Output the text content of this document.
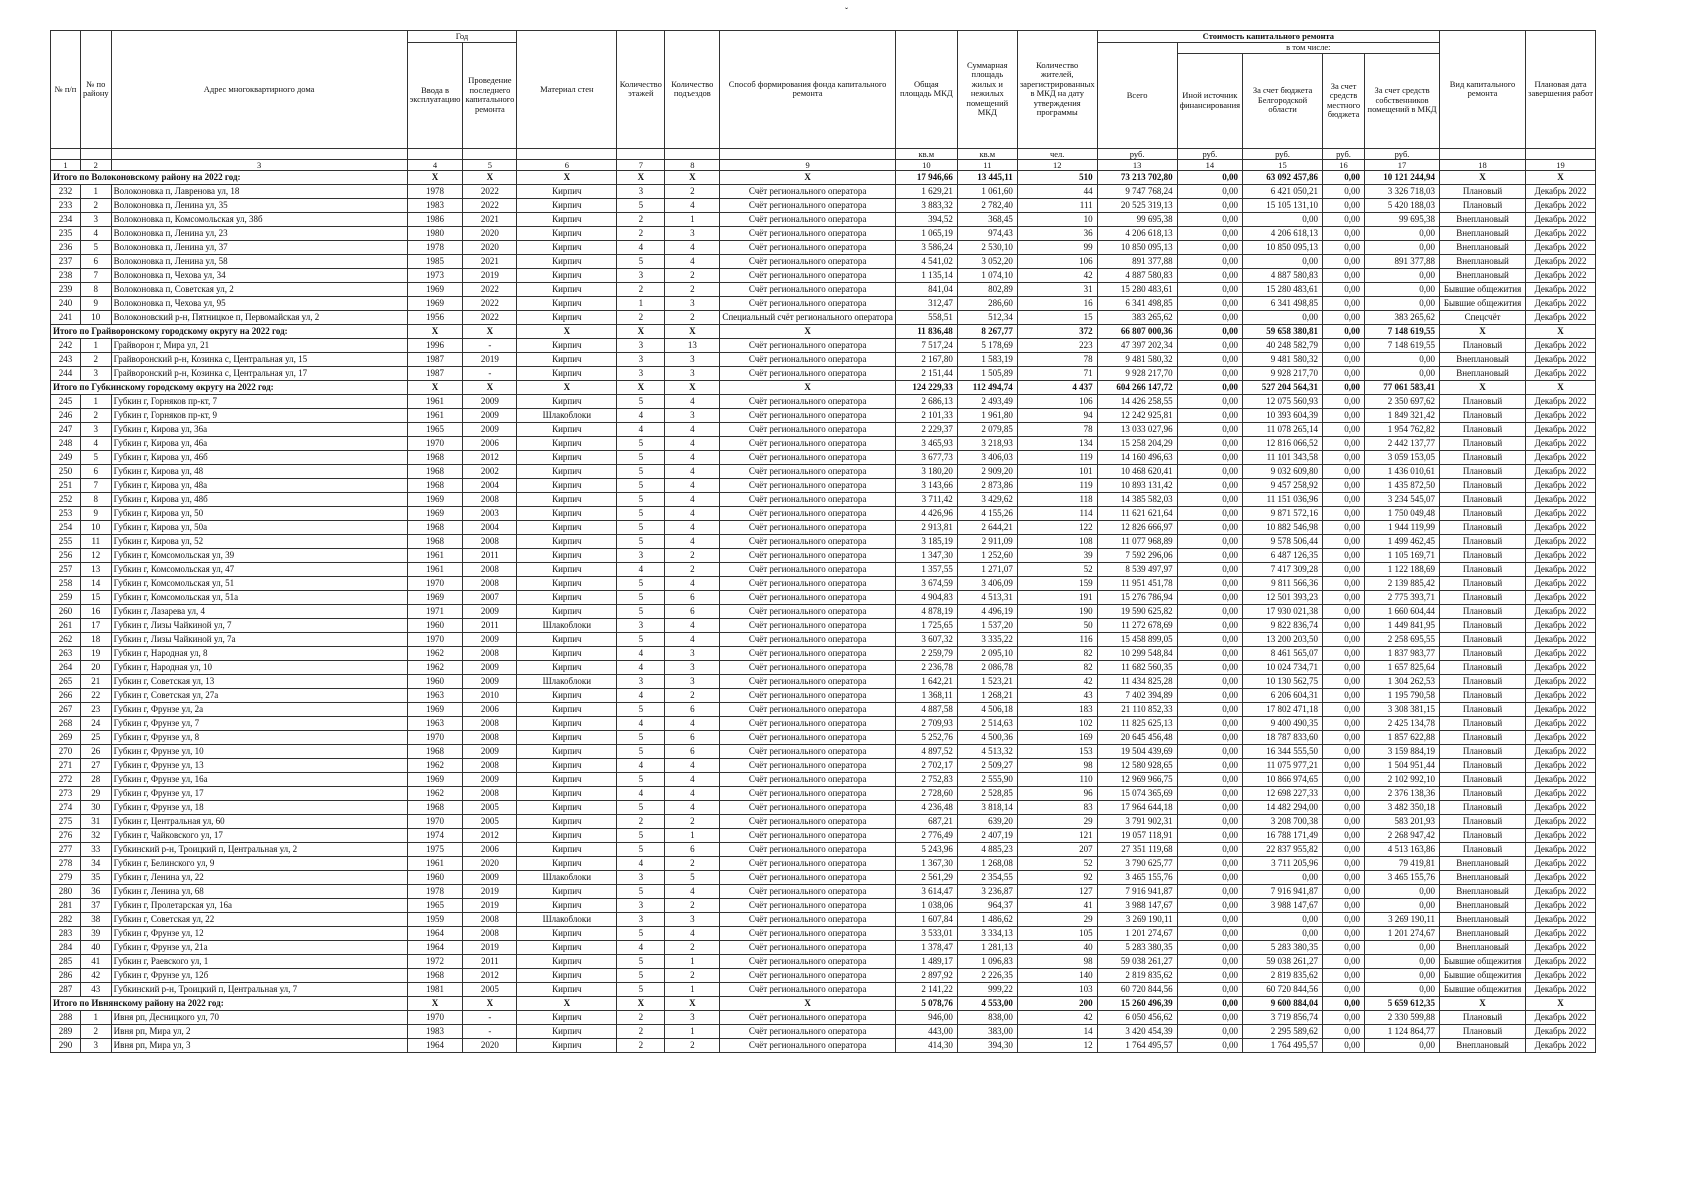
ˇ
№ п/п	№ по району	Адрес многоквартирного дома	Год		Материал стен	Количество этажей	Количество подъездов	Способ формирования фонда капитального ремонта	Общая площадь МКД	Суммарная площадь жилых и нежилых помещений МКД	Количество жителей, зарегистрированных в МКД на дату утверждения программы	Стоимость капитального ремонта					Вид капитального ремонта	Плановая дата завершения работ
			Ввода в эксплуатацию	Проведение последнего капитального ремонта								Всего	в том числе:					
													Иной источник финансирования	За счет бюджета Белгородской области	За счет средств местного бюджета	За счет средств собственников помещений в МКД		
									кв.м	кв.м	чел.	руб.	руб.	руб.	руб.	руб.		
1	2	3	4	5	6	7	8	9	10	11	12	13	14	15	16	17	18	19
Итого по Волоконовскому району на 2022 год:			X	X	X	X	X	X	17 946,66	13 445,11	510	73 213 702,80	0,00	63 092 457,86	0,00	10 121 244,94	X	X
232	1	Волоконовка п, Лавренова ул, 18	1978	2022	Кирпич	3	2	Счёт регионального оператора	1 629,21	1 061,60	44	9 747 768,24	0,00	6 421 050,21	0,00	3 326 718,03	Плановый	Декабрь 2022
233	2	Волоконовка п, Ленина ул, 35	1983	2022	Кирпич	5	4	Счёт регионального оператора	3 883,32	2 782,40	111	20 525 319,13	0,00	15 105 131,10	0,00	5 420 188,03	Плановый	Декабрь 2022
234	3	Волоконовка п, Комсомольская ул, 38б	1986	2021	Кирпич	2	1	Счёт регионального оператора	394,52	368,45	10	99 695,38	0,00	0,00	0,00	99 695,38	Внеплановый	Декабрь 2022
235	4	Волоконовка п, Ленина ул, 23	1980	2020	Кирпич	2	3	Счёт регионального оператора	1 065,19	974,43	36	4 206 618,13	0,00	4 206 618,13	0,00	0,00	Внеплановый	Декабрь 2022
236	5	Волоконовка п, Ленина ул, 37	1978	2020	Кирпич	4	4	Счёт регионального оператора	3 586,24	2 530,10	99	10 850 095,13	0,00	10 850 095,13	0,00	0,00	Внеплановый	Декабрь 2022
237	6	Волоконовка п, Ленина ул, 58	1985	2021	Кирпич	5	4	Счёт регионального оператора	4 541,02	3 052,20	106	891 377,88	0,00	0,00	0,00	891 377,88	Внеплановый	Декабрь 2022
238	7	Волоконовка п, Чехова ул, 34	1973	2019	Кирпич	3	2	Счёт регионального оператора	1 135,14	1 074,10	42	4 887 580,83	0,00	4 887 580,83	0,00	0,00	Внеплановый	Декабрь 2022
239	8	Волоконовка п, Советская ул, 2	1969	2022	Кирпич	2	2	Счёт регионального оператора	841,04	802,89	31	15 280 483,61	0,00	15 280 483,61	0,00	0,00	Бывшие общежития	Декабрь 2022
240	9	Волоконовка п, Чехова ул, 95	1969	2022	Кирпич	1	3	Счёт регионального оператора	312,47	286,60	16	6 341 498,85	0,00	6 341 498,85	0,00	0,00	Бывшие общежития	Декабрь 2022
241	10	Волоконовский р-н, Пятницкое п, Первомайская ул, 2	1956	2022	Кирпич	2	2	Специальный счёт регионального оператора	558,51	512,34	15	383 265,62	0,00	0,00	0,00	383 265,62	Спецсчёт	Декабрь 2022
Итого по Грайворонскому городскому округу на 2022 год:			X	X	X	X	X	X	11 836,48	8 267,77	372	66 807 000,36	0,00	59 658 380,81	0,00	7 148 619,55	X	X
242	1	Грайворон г, Мира ул, 21	1996	-	Кирпич	3	13	Счёт регионального оператора	7 517,24	5 178,69	223	47 397 202,34	0,00	40 248 582,79	0,00	7 148 619,55	Плановый	Декабрь 2022
243	2	Грайворонский р-н, Козинка с, Центральная ул, 15	1987	2019	Кирпич	3	3	Счёт регионального оператора	2 167,80	1 583,19	78	9 481 580,32	0,00	9 481 580,32	0,00	0,00	Внеплановый	Декабрь 2022
244	3	Грайворонский р-н, Козинка с, Центральная ул, 17	1987	-	Кирпич	3	3	Счёт регионального оператора	2 151,44	1 505,89	71	9 928 217,70	0,00	9 928 217,70	0,00	0,00	Внеплановый	Декабрь 2022
Итого по Губкинскому городскому округу на 2022 год:			X	X	X	X	X	X	124 229,33	112 494,74	4 437	604 266 147,72	0,00	527 204 564,31	0,00	77 061 583,41	X	X
245	1	Губкин г, Горняков пр-кт, 7	1961	2009	Кирпич	5	4	Счёт регионального оператора	2 686,13	2 493,49	106	14 426 258,55	0,00	12 075 560,93	0,00	2 350 697,62	Плановый	Декабрь 2022
246	2	Губкин г, Горняков пр-кт, 9	1961	2009	Шлакоблоки	4	3	Счёт регионального оператора	2 101,33	1 961,80	94	12 242 925,81	0,00	10 393 604,39	0,00	1 849 321,42	Плановый	Декабрь 2022
247	3	Губкин г, Кирова ул, 36а	1965	2009	Кирпич	4	4	Счёт регионального оператора	2 229,37	2 079,85	78	13 033 027,96	0,00	11 078 265,14	0,00	1 954 762,82	Плановый	Декабрь 2022
248	4	Губкин г, Кирова ул, 46а	1970	2006	Кирпич	5	4	Счёт регионального оператора	3 465,93	3 218,93	134	15 258 204,29	0,00	12 816 066,52	0,00	2 442 137,77	Плановый	Декабрь 2022
249	5	Губкин г, Кирова ул, 46б	1968	2012	Кирпич	5	4	Счёт регионального оператора	3 677,73	3 406,03	119	14 160 496,63	0,00	11 101 343,58	0,00	3 059 153,05	Плановый	Декабрь 2022
250	6	Губкин г, Кирова ул, 48	1968	2002	Кирпич	5	4	Счёт регионального оператора	3 180,20	2 909,20	101	10 468 620,41	0,00	9 032 609,80	0,00	1 436 010,61	Плановый	Декабрь 2022
251	7	Губкин г, Кирова ул, 48а	1968	2004	Кирпич	5	4	Счёт регионального оператора	3 143,66	2 873,86	119	10 893 131,42	0,00	9 457 258,92	0,00	1 435 872,50	Плановый	Декабрь 2022
252	8	Губкин г, Кирова ул, 48б	1969	2008	Кирпич	5	4	Счёт регионального оператора	3 711,42	3 429,62	118	14 385 582,03	0,00	11 151 036,96	0,00	3 234 545,07	Плановый	Декабрь 2022
253	9	Губкин г, Кирова ул, 50	1969	2003	Кирпич	5	4	Счёт регионального оператора	4 426,96	4 155,26	114	11 621 621,64	0,00	9 871 572,16	0,00	1 750 049,48	Плановый	Декабрь 2022
254	10	Губкин г, Кирова ул, 50а	1968	2004	Кирпич	5	4	Счёт регионального оператора	2 913,81	2 644,21	122	12 826 666,97	0,00	10 882 546,98	0,00	1 944 119,99	Плановый	Декабрь 2022
255	11	Губкин г, Кирова ул, 52	1968	2008	Кирпич	5	4	Счёт регионального оператора	3 185,19	2 911,09	108	11 077 968,89	0,00	9 578 506,44	0,00	1 499 462,45	Плановый	Декабрь 2022
256	12	Губкин г, Комсомольская ул, 39	1961	2011	Кирпич	3	2	Счёт регионального оператора	1 347,30	1 252,60	39	7 592 296,06	0,00	6 487 126,35	0,00	1 105 169,71	Плановый	Декабрь 2022
257	13	Губкин г, Комсомольская ул, 47	1961	2008	Кирпич	4	2	Счёт регионального оператора	1 357,55	1 271,07	52	8 539 497,97	0,00	7 417 309,28	0,00	1 122 188,69	Плановый	Декабрь 2022
258	14	Губкин г, Комсомольская ул, 51	1970	2008	Кирпич	5	4	Счёт регионального оператора	3 674,59	3 406,09	159	11 951 451,78	0,00	9 811 566,36	0,00	2 139 885,42	Плановый	Декабрь 2022
259	15	Губкин г, Комсомольская ул, 51а	1969	2007	Кирпич	5	6	Счёт регионального оператора	4 904,83	4 513,31	191	15 276 786,94	0,00	12 501 393,23	0,00	2 775 393,71	Плановый	Декабрь 2022
260	16	Губкин г, Лазарева ул, 4	1971	2009	Кирпич	5	6	Счёт регионального оператора	4 878,19	4 496,19	190	19 590 625,82	0,00	17 930 021,38	0,00	1 660 604,44	Плановый	Декабрь 2022
261	17	Губкин г, Лизы Чайкиной ул, 7	1960	2011	Шлакоблоки	3	4	Счёт регионального оператора	1 725,65	1 537,20	50	11 272 678,69	0,00	9 822 836,74	0,00	1 449 841,95	Плановый	Декабрь 2022
262	18	Губкин г, Лизы Чайкиной ул, 7а	1970	2009	Кирпич	5	4	Счёт регионального оператора	3 607,32	3 335,22	116	15 458 899,05	0,00	13 200 203,50	0,00	2 258 695,55	Плановый	Декабрь 2022
263	19	Губкин г, Народная ул, 8	1962	2008	Кирпич	4	3	Счёт регионального оператора	2 259,79	2 095,10	82	10 299 548,84	0,00	8 461 565,07	0,00	1 837 983,77	Плановый	Декабрь 2022
264	20	Губкин г, Народная ул, 10	1962	2009	Кирпич	4	3	Счёт регионального оператора	2 236,78	2 086,78	82	11 682 560,35	0,00	10 024 734,71	0,00	1 657 825,64	Плановый	Декабрь 2022
265	21	Губкин г, Советская ул, 13	1960	2009	Шлакоблоки	3	3	Счёт регионального оператора	1 642,21	1 523,21	42	11 434 825,28	0,00	10 130 562,75	0,00	1 304 262,53	Плановый	Декабрь 2022
266	22	Губкин г, Советская ул, 27а	1963	2010	Кирпич	4	2	Счёт регионального оператора	1 368,11	1 268,21	43	7 402 394,89	0,00	6 206 604,31	0,00	1 195 790,58	Плановый	Декабрь 2022
267	23	Губкин г, Фрунзе ул, 2а	1969	2006	Кирпич	5	6	Счёт регионального оператора	4 887,58	4 506,18	183	21 110 852,33	0,00	17 802 471,18	0,00	3 308 381,15	Плановый	Декабрь 2022
268	24	Губкин г, Фрунзе ул, 7	1963	2008	Кирпич	4	4	Счёт регионального оператора	2 709,93	2 514,63	102	11 825 625,13	0,00	9 400 490,35	0,00	2 425 134,78	Плановый	Декабрь 2022
269	25	Губкин г, Фрунзе ул, 8	1970	2008	Кирпич	5	6	Счёт регионального оператора	5 252,76	4 500,36	169	20 645 456,48	0,00	18 787 833,60	0,00	1 857 622,88	Плановый	Декабрь 2022
270	26	Губкин г, Фрунзе ул, 10	1968	2009	Кирпич	5	6	Счёт регионального оператора	4 897,52	4 513,32	153	19 504 439,69	0,00	16 344 555,50	0,00	3 159 884,19	Плановый	Декабрь 2022
271	27	Губкин г, Фрунзе ул, 13	1962	2008	Кирпич	4	4	Счёт регионального оператора	2 702,17	2 509,27	98	12 580 928,65	0,00	11 075 977,21	0,00	1 504 951,44	Плановый	Декабрь 2022
272	28	Губкин г, Фрунзе ул, 16а	1969	2009	Кирпич	5	4	Счёт регионального оператора	2 752,83	2 555,90	110	12 969 966,75	0,00	10 866 974,65	0,00	2 102 992,10	Плановый	Декабрь 2022
273	29	Губкин г, Фрунзе ул, 17	1962	2008	Кирпич	4	4	Счёт регионального оператора	2 728,60	2 528,85	96	15 074 365,69	0,00	12 698 227,33	0,00	2 376 138,36	Плановый	Декабрь 2022
274	30	Губкин г, Фрунзе ул, 18	1968	2005	Кирпич	5	4	Счёт регионального оператора	4 236,48	3 818,14	83	17 964 644,18	0,00	14 482 294,00	0,00	3 482 350,18	Плановый	Декабрь 2022
275	31	Губкин г, Центральная ул, 60	1970	2005	Кирпич	2	2	Счёт регионального оператора	687,21	639,20	29	3 791 902,31	0,00	3 208 700,38	0,00	583 201,93	Плановый	Декабрь 2022
276	32	Губкин г, Чайковского ул, 17	1974	2012	Кирпич	5	1	Счёт регионального оператора	2 776,49	2 407,19	121	19 057 118,91	0,00	16 788 171,49	0,00	2 268 947,42	Плановый	Декабрь 2022
277	33	Губкинский р-н, Троицкий п, Центральная ул, 2	1975	2006	Кирпич	5	6	Счёт регионального оператора	5 243,96	4 885,23	207	27 351 119,68	0,00	22 837 955,82	0,00	4 513 163,86	Плановый	Декабрь 2022
278	34	Губкин г, Белинского ул, 9	1961	2020	Кирпич	4	2	Счёт регионального оператора	1 367,30	1 268,08	52	3 790 625,77	0,00	3 711 205,96	0,00	79 419,81	Внеплановый	Декабрь 2022
279	35	Губкин г, Ленина ул, 22	1960	2009	Шлакоблоки	3	5	Счёт регионального оператора	2 561,29	2 354,55	92	3 465 155,76	0,00	0,00	0,00	3 465 155,76	Внеплановый	Декабрь 2022
280	36	Губкин г, Ленина ул, 68	1978	2019	Кирпич	5	4	Счёт регионального оператора	3 614,47	3 236,87	127	7 916 941,87	0,00	7 916 941,87	0,00	0,00	Внеплановый	Декабрь 2022
281	37	Губкин г, Пролетарская ул, 16а	1965	2019	Кирпич	3	2	Счёт регионального оператора	1 038,06	964,37	41	3 988 147,67	0,00	3 988 147,67	0,00	0,00	Внеплановый	Декабрь 2022
282	38	Губкин г, Советская ул, 22	1959	2008	Шлакоблоки	3	3	Счёт регионального оператора	1 607,84	1 486,62	29	3 269 190,11	0,00	0,00	0,00	3 269 190,11	Внеплановый	Декабрь 2022
283	39	Губкин г, Фрунзе ул, 12	1964	2008	Кирпич	5	4	Счёт регионального оператора	3 533,01	3 334,13	105	1 201 274,67	0,00	0,00	0,00	1 201 274,67	Внеплановый	Декабрь 2022
284	40	Губкин г, Фрунзе ул, 21а	1964	2019	Кирпич	4	2	Счёт регионального оператора	1 378,47	1 281,13	40	5 283 380,35	0,00	5 283 380,35	0,00	0,00	Внеплановый	Декабрь 2022
285	41	Губкин г, Раевского ул, 1	1972	2011	Кирпич	5	1	Счёт регионального оператора	1 489,17	1 096,83	98	59 038 261,27	0,00	59 038 261,27	0,00	0,00	Бывшие общежития	Декабрь 2022
286	42	Губкин г, Фрунзе ул, 12б	1968	2012	Кирпич	5	2	Счёт регионального оператора	2 897,92	2 226,35	140	2 819 835,62	0,00	2 819 835,62	0,00	0,00	Бывшие общежития	Декабрь 2022
287	43	Губкинский р-н, Троицкий п, Центральная ул, 7	1981	2005	Кирпич	5	1	Счёт регионального оператора	2 141,22	999,22	103	60 720 844,56	0,00	60 720 844,56	0,00	0,00	Бывшие общежития	Декабрь 2022
Итого по Ивнянскому району на 2022 год:			X	X	X	X	X	X	5 078,76	4 553,00	200	15 260 496,39	0,00	9 600 884,04	0,00	5 659 612,35	X	X
288	1	Ивня рп, Десницкого ул, 70	1970	-	Кирпич	2	3	Счёт регионального оператора	946,00	838,00	42	6 050 456,62	0,00	3 719 856,74	0,00	2 330 599,88	Плановый	Декабрь 2022
289	2	Ивня рп, Мира ул, 2	1983	-	Кирпич	2	1	Счёт регионального оператора	443,00	383,00	14	3 420 454,39	0,00	2 295 589,62	0,00	1 124 864,77	Плановый	Декабрь 2022
290	3	Ивня рп, Мира ул, 3	1964	2020	Кирпич	2	2	Счёт регионального оператора	414,30	394,30	12	1 764 495,57	0,00	1 764 495,57	0,00	0,00	Внеплановый	Декабрь 2022
